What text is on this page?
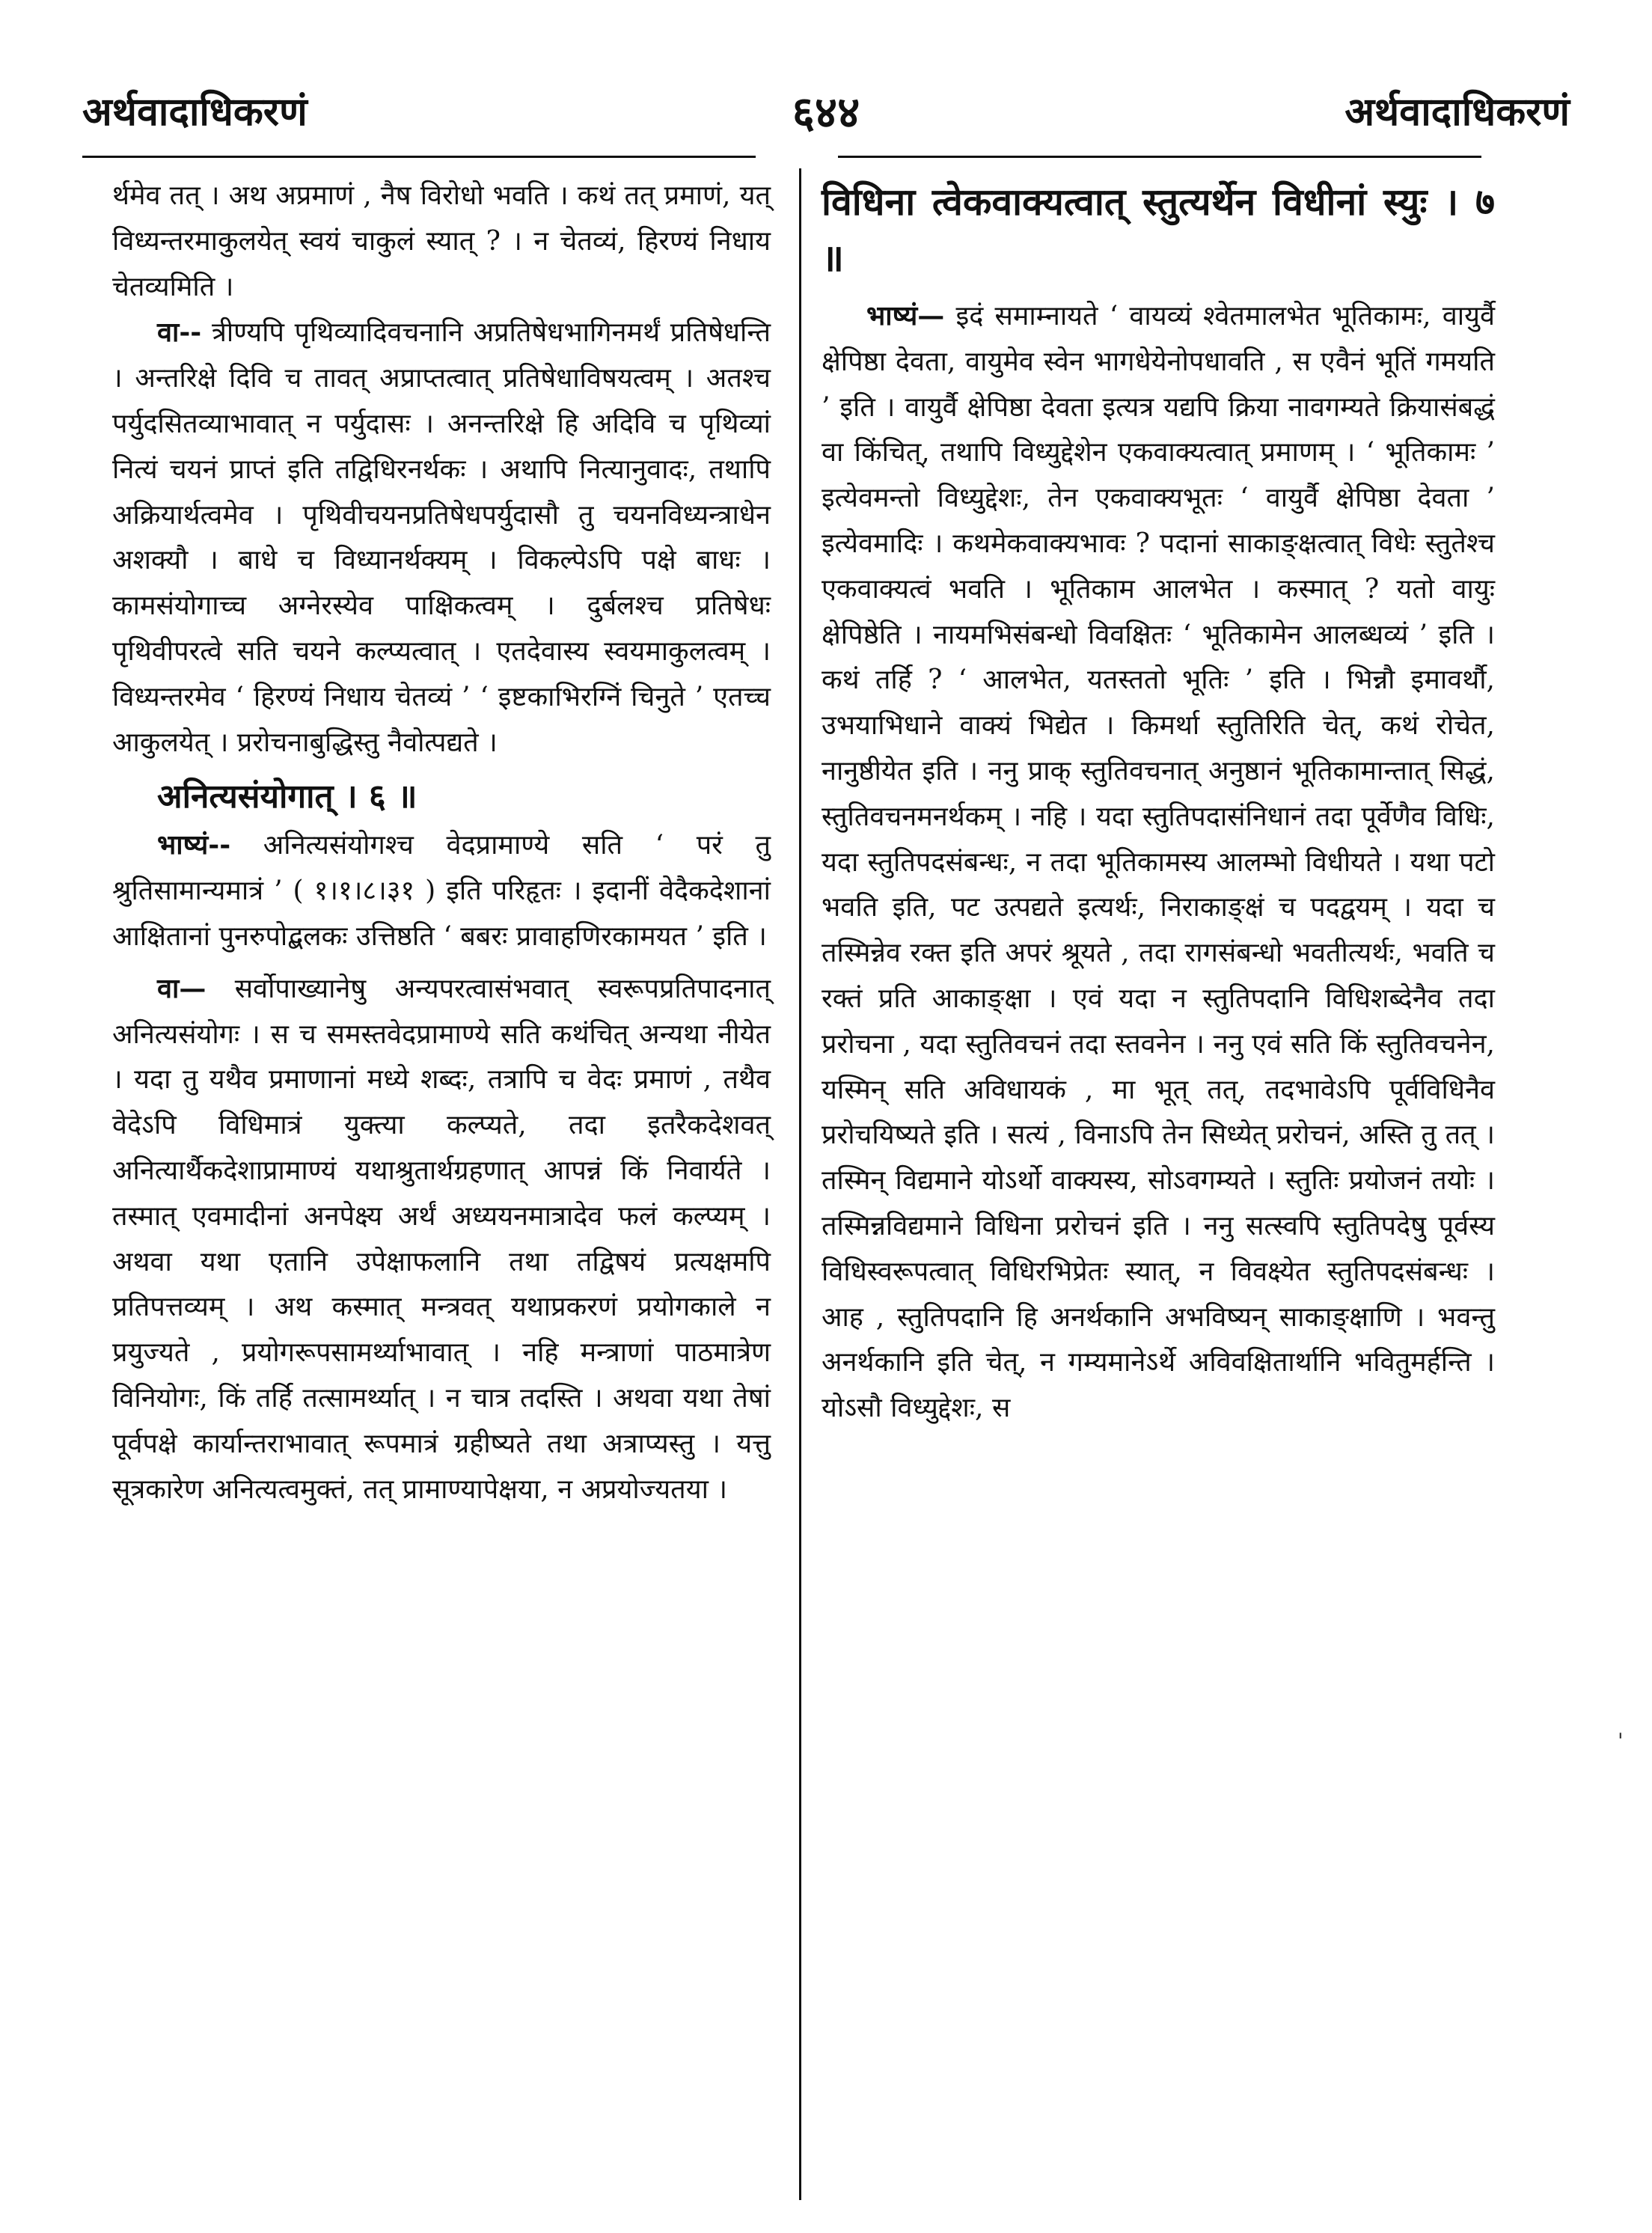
अर्थवादाधिकरणं	६४४	अर्थवादाधिकरणं

र्थमेव तत् । अथ अप्रमाणं , नैष विरोधो भवति । कथं तत् प्रमाणं, यत् विध्यन्तरमाकुलयेत् स्वयं चाकुलं स्यात् ? । न चेतव्यं, हिरण्यं निधाय चेतव्यमिति ।

वा-- त्रीण्यपि पृथिव्यादिवचनानि अप्रतिषेधभागिनमर्थं प्रतिषेधन्ति । अन्तरिक्षे दिवि च तावत् अप्राप्तत्वात् प्रतिषेधाविषयत्वम् । अतश्च पर्युदसितव्याभावात् न पर्युदासः । अनन्तरिक्षे हि अदिवि च पृथिव्यां नित्यं चयनं प्राप्तं इति तद्विधिरनर्थकः । अथापि नित्यानुवादः, तथापि अक्रियार्थत्वमेव । पृथिवीचयनप्रतिषेधपर्युदासौ तु चयनविध्यन्त्राधेन अशक्यौ । बाधे च विध्यानर्थक्यम् । विकल्पेऽपि पक्षे बाधः । कामसंयोगाच्च अग्नेरस्येव पाक्षिकत्वम् । दुर्बलश्च प्रतिषेधः पृथिवीपरत्वे सति चयने कल्प्यत्वात् । एतदेवास्य स्वयमाकुलत्वम् । विध्यन्तरमेव ‘ हिरण्यं निधाय चेतव्यं ’ ‘ इष्टकाभिरग्निं चिनुते ’ एतच्च आकुलयेत् । प्ररोचनाबुद्धिस्तु नैवोत्पद्यते ।

अनित्यसंयोगात् । ६ ॥

भाष्यं-- अनित्यसंयोगश्च वेदप्रामाण्ये सति ‘ परं तु श्रुतिसामान्यमात्रं ’ ( १।१।८।३१ ) इति परिहृतः । इदानीं वेदैकदेशानां आक्षितानां पुनरुपोद्बलकः उत्तिष्ठति ‘ बबरः प्रावाहणिरकामयत ’ इति ।

वा— सर्वोपाख्यानेषु अन्यपरत्वासंभवात् स्वरूपप्रतिपादनात् अनित्यसंयोगः । स च समस्तवेदप्रामाण्ये सति कथंचित् अन्यथा नीयेत । यदा तु यथैव प्रमाणानां मध्ये शब्दः, तत्रापि च वेदः प्रमाणं , तथैव वेदेऽपि विधिमात्रं युक्त्या कल्प्यते, तदा इतरैकदेशवत् अनित्यार्थैकदेशाप्रामाण्यं यथाश्रुतार्थग्रहणात् आपन्नं किं निवार्यते । तस्मात् एवमादीनां अनपेक्ष्य अर्थं अध्ययनमात्रादेव फलं कल्प्यम् । अथवा यथा एतानि उपेक्षाफलानि तथा तद्विषयं प्रत्यक्षमपि प्रतिपत्तव्यम् । अथ कस्मात् मन्त्रवत् यथाप्रकरणं प्रयोगकाले न प्रयुज्यते , प्रयोगरूपसामर्थ्याभावात् । नहि मन्त्राणां पाठमात्रेण विनियोगः, किं तर्हि तत्सामर्थ्यात् । न चात्र तदस्ति । अथवा यथा तेषां पूर्वपक्षे कार्यान्तराभावात् रूपमात्रं ग्रहीष्यते तथा अत्राप्यस्तु । यत्तु सूत्रकारेण अनित्यत्वमुक्तं, तत् प्रामाण्यापेक्षया, न अप्रयोज्यतया ।

विधिना त्वेकवाक्यत्वात् स्तुत्यर्थेन विधीनां स्युः । ७ ॥

भाष्यं— इदं समाम्नायते ‘ वायव्यं श्वेतमालभेत भूतिकामः, वायुर्वै क्षेपिष्ठा देवता, वायुमेव स्वेन भागधेयेनोपधावति , स एवैनं भूतिं गमयति ’ इति । वायुर्वै क्षेपिष्ठा देवता इत्यत्र यद्यपि क्रिया नावगम्यते क्रियासंबद्धं वा किंचित्, तथापि विध्युद्देशेन एकवाक्यत्वात् प्रमाणम् । ‘ भूतिकामः ’ इत्येवमन्तो विध्युद्देशः, तेन एकवाक्यभूतः ‘ वायुर्वै क्षेपिष्ठा देवता ’ इत्येवमादिः । कथमेकवाक्यभावः ? पदानां साकाङ्क्षत्वात् विधेः स्तुतेश्च एकवाक्यत्वं भवति । भूतिकाम आलभेत । कस्मात् ? यतो वायुः क्षेपिष्ठेति । नायमभिसंबन्धो विवक्षितः ‘ भूतिकामेन आलब्धव्यं ’ इति । कथं तर्हि ? ‘ आलभेत, यतस्ततो भूतिः ’ इति । भिन्नौ इमावर्थौ, उभयाभिधाने वाक्यं भिद्येत । किमर्था स्तुतिरिति चेत्, कथं रोचेत, नानुष्ठीयेत इति । ननु प्राक् स्तुतिवचनात् अनुष्ठानं भूतिकामान्तात् सिद्धं, स्तुतिवचनमनर्थकम् । नहि । यदा स्तुतिपदासंनिधानं तदा पूर्वेणैव विधिः, यदा स्तुतिपदसंबन्धः, न तदा भूतिकामस्य आलम्भो विधीयते । यथा पटो भवति इति, पट उत्पद्यते इत्यर्थः, निराकाङ्क्षं च पदद्वयम् । यदा च तस्मिन्नेव रक्त इति अपरं श्रूयते , तदा रागसंबन्धो भवतीत्यर्थः, भवति च रक्तं प्रति आकाङ्क्षा । एवं यदा न स्तुतिपदानि विधिशब्देनैव तदा प्ररोचना , यदा स्तुतिवचनं तदा स्तवनेन । ननु एवं सति किं स्तुतिवचनेन, यस्मिन् सति अविधायकं , मा भूत् तत्, तदभावेऽपि पूर्वविधिनैव प्ररोचयिष्यते इति । सत्यं , विनाऽपि तेन सिध्येत् प्ररोचनं, अस्ति तु तत् । तस्मिन् विद्यमाने योऽर्थो वाक्यस्य, सोऽवगम्यते । स्तुतिः प्रयोजनं तयोः । तस्मिन्नविद्यमाने विधिना प्ररोचनं इति । ननु सत्स्वपि स्तुतिपदेषु पूर्वस्य विधिस्वरूपत्वात् विधिरभिप्रेतः स्यात्, न विवक्ष्येत स्तुतिपदसंबन्धः । आह , स्तुतिपदानि हि अनर्थकानि अभविष्यन् साकाङ्क्षाणि । भवन्तु अनर्थकानि इति चेत्, न गम्यमानेऽर्थे अविवक्षितार्थानि भवितुमर्हन्ति । योऽसौ विध्युद्देशः, स

'
